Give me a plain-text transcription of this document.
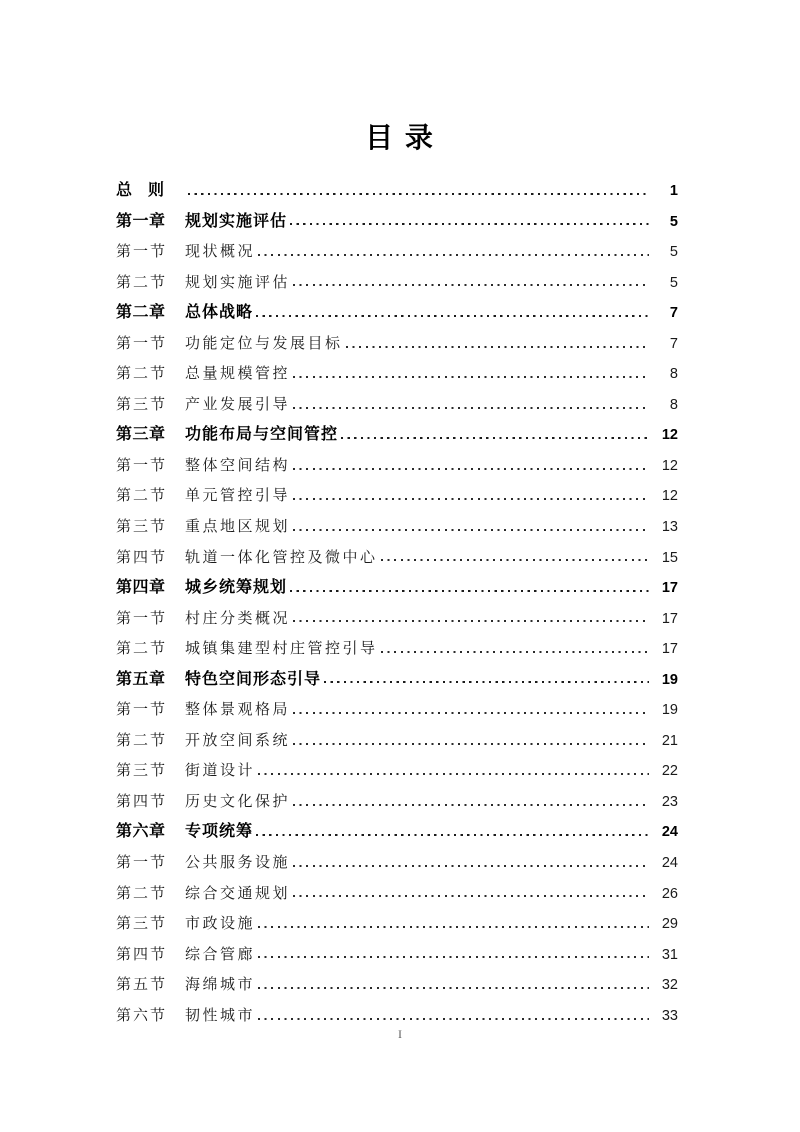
目 录
总　则	1
第一章	规划实施评估	5
第一节	现状概况	5
第二节	规划实施评估	5
第二章	总体战略	7
第一节	功能定位与发展目标	7
第二节	总量规模管控	8
第三节	产业发展引导	8
第三章	功能布局与空间管控	12
第一节	整体空间结构	12
第二节	单元管控引导	12
第三节	重点地区规划	13
第四节	轨道一体化管控及微中心	15
第四章	城乡统筹规划	17
第一节	村庄分类概况	17
第二节	城镇集建型村庄管控引导	17
第五章	特色空间形态引导	19
第一节	整体景观格局	19
第二节	开放空间系统	21
第三节	街道设计	22
第四节	历史文化保护	23
第六章	专项统筹	24
第一节	公共服务设施	24
第二节	综合交通规划	26
第三节	市政设施	29
第四节	综合管廊	31
第五节	海绵城市	32
第六节	韧性城市	33
I
